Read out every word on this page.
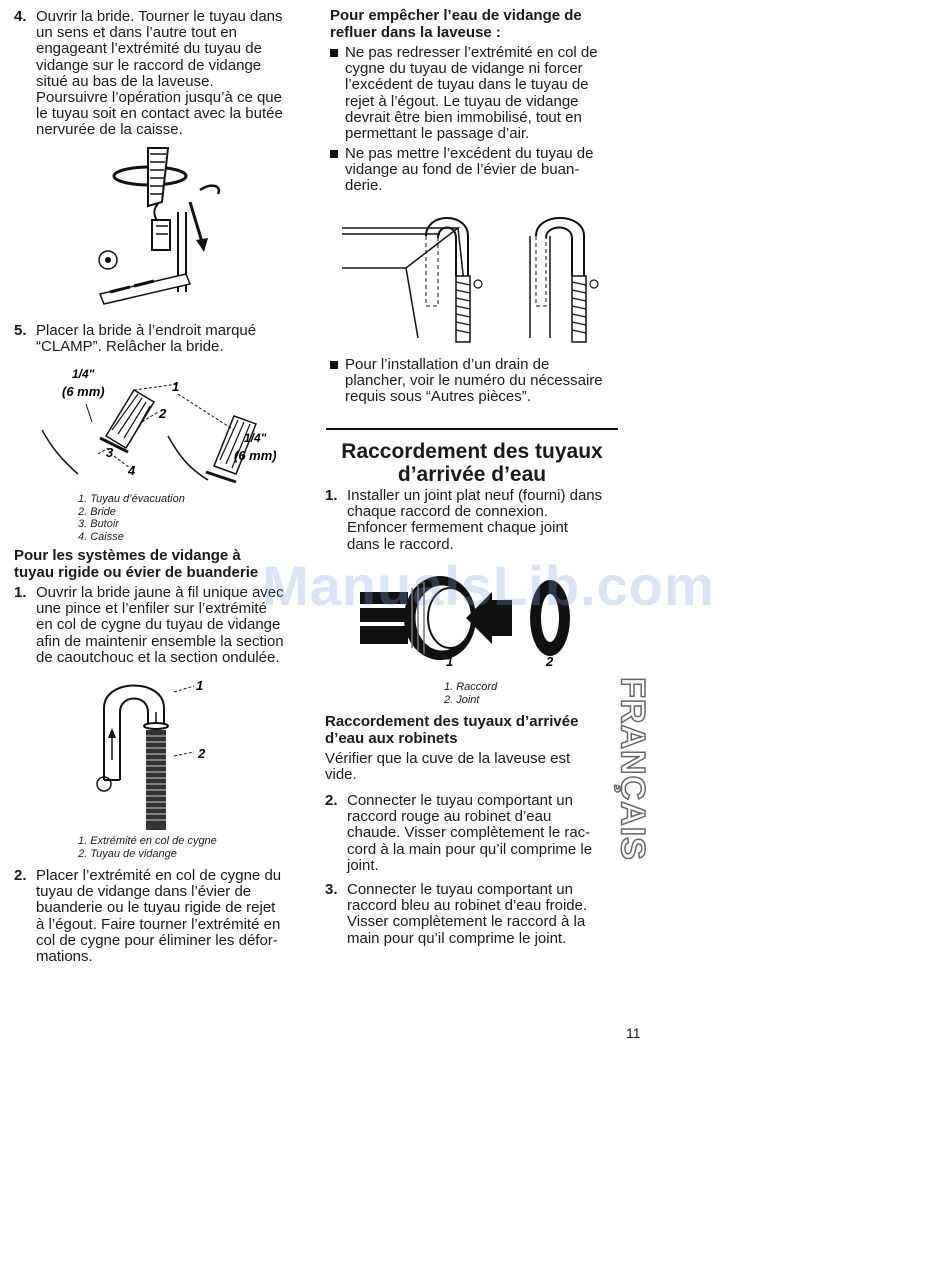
4. Ouvrir la bride. Tourner le tuyau dans
un sens et dans l’autre tout en
engageant l’extrémité du tuyau de
vidange sur le raccord de vidange
situé au bas de la laveuse.
Poursuivre l’opération jusqu’à ce que
le tuyau soit en contact avec la butée
nervurée de la caisse.
5. Placer la bride à l’endroit marqué
“CLAMP”. Relâcher la bride.
1/4"
(6 mm)	1
2
3
4
1/4"
(6 mm)
1. Tuyau d’évacuation
2. Bride
3. Butoir
4. Caisse
Pour les systèmes de vidange à
tuyau rigide ou évier de buanderie
1. Ouvrir la bride jaune à fil unique avec
une pince et l’enfiler sur l’extrémité
en col de cygne du tuyau de vidange
afin de maintenir ensemble la section
de caoutchouc et la section ondulée.
1
2
1. Extrémité en col de cygne
2. Tuyau de vidange
2. Placer l’extrémité en col de cygne du
tuyau de vidange dans l’évier de
buanderie ou le tuyau rigide de rejet
à l’égout. Faire tourner l’extrémité en
col de cygne pour éliminer les défor-
mations.
Pour empêcher l’eau de vidange de
refluer dans la laveuse :
Ne pas redresser l’extrémité en col de
cygne du tuyau de vidange ni forcer
l’excédent de tuyau dans le tuyau de
rejet à l’égout. Le tuyau de vidange
devrait être bien immobilisé, tout en
permettant le passage d’air.
Ne pas mettre l’excédent du tuyau de
vidange au fond de l’évier de buan-
derie.
Pour l’installation d’un drain de
plancher, voir le numéro du nécessaire
requis sous “Autres pièces”.
Raccordement des tuyaux
d’arrivée d’eau
1. Installer un joint plat neuf (fourni) dans
chaque raccord de connexion.
Enfoncer fermement chaque joint
dans le raccord.
1	2
1. Raccord
2. Joint
Raccordement des tuyaux d’arrivée
d’eau aux robinets
Vérifier que la cuve de la laveuse est
vide.
2. Connecter le tuyau comportant un
raccord rouge au robinet d’eau
chaude. Visser complètement le rac-
cord à la main pour qu’il comprime le
joint.
3. Connecter le tuyau comportant un
raccord bleu au robinet d’eau froide.
Visser complètement le raccord à la
main pour qu’il comprime le joint.
FRANÇAIS
ManualsLib.com
11
